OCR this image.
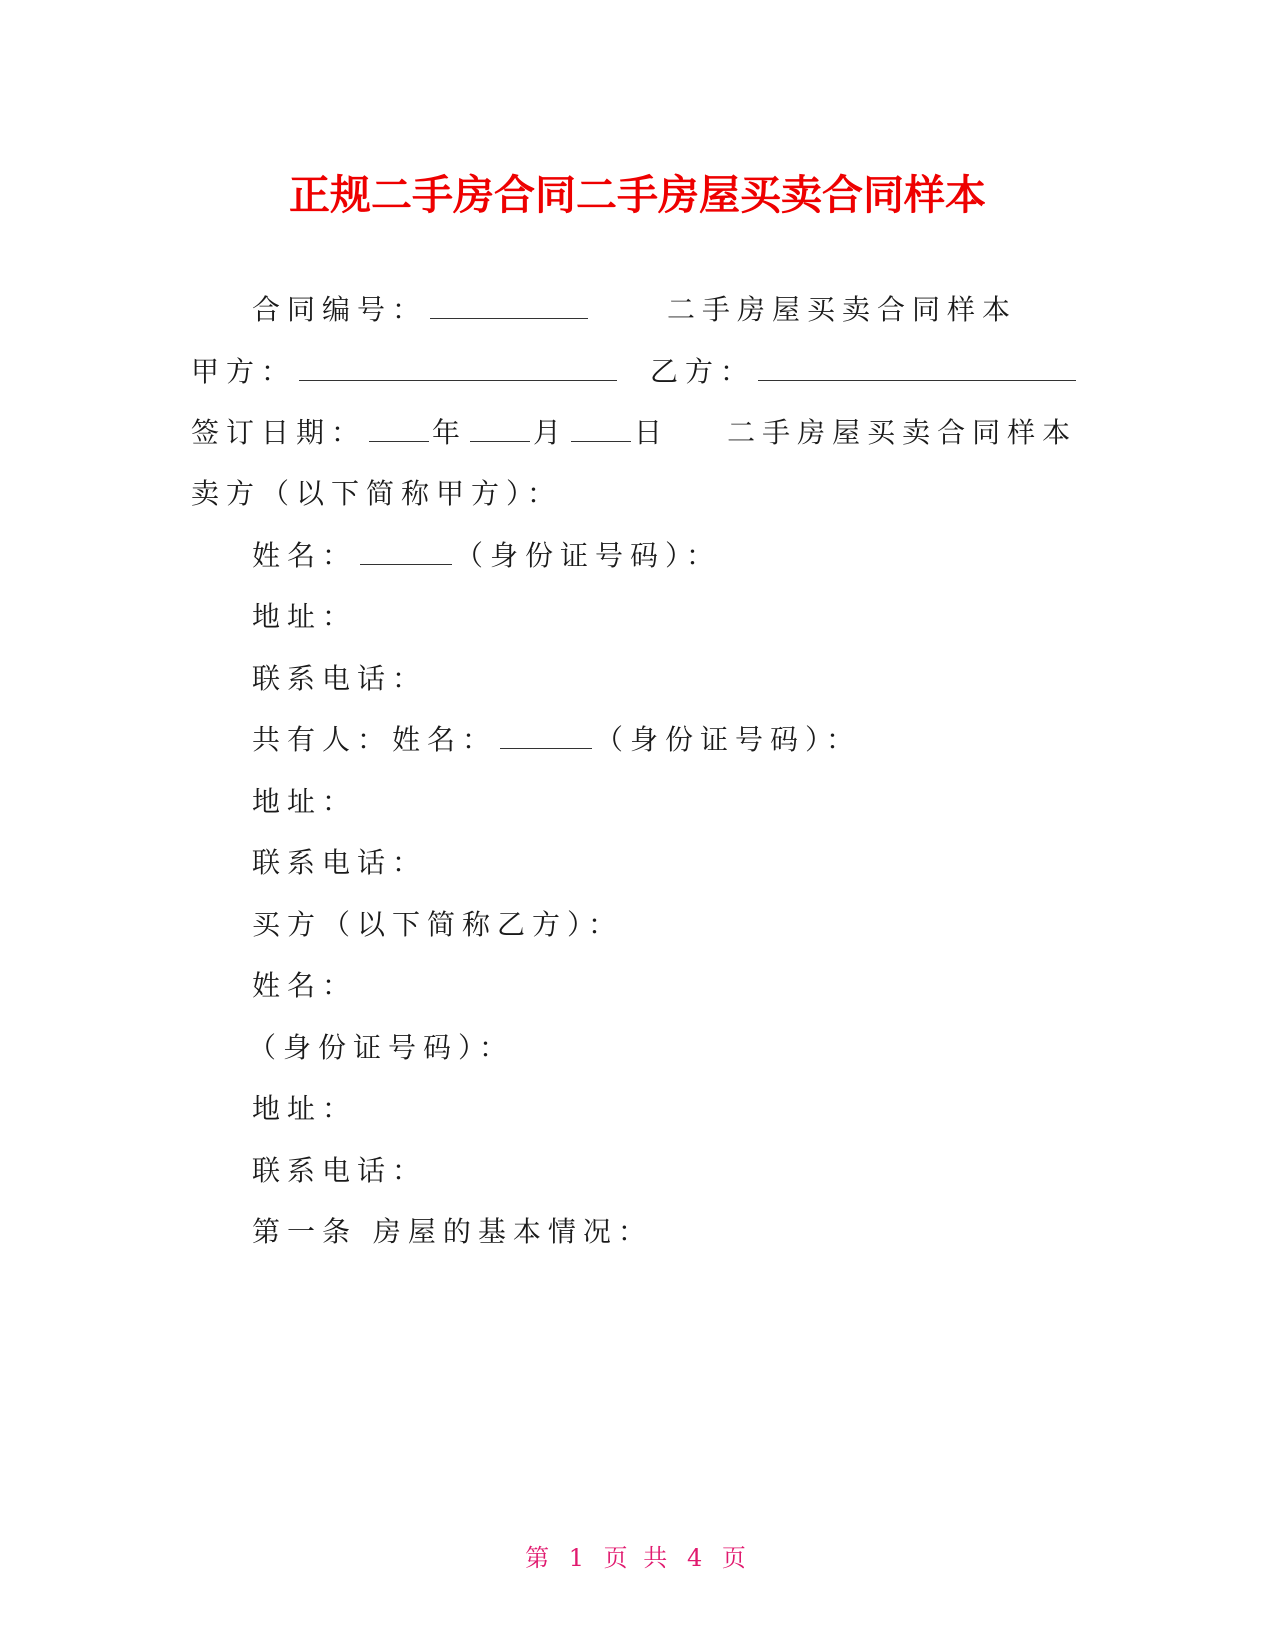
正规二手房合同二手房屋买卖合同样本
合同编号：	二手房屋买卖合同样本
甲方：	乙方：
签订日期： 年 月 日 二手房屋买卖合同样本
卖方（以下简称甲方）：
姓名：	（身份证号码）：
地址：
联系电话：
共有人：姓名：	（身份证号码）：
地址：
联系电话：
买方（以下简称乙方）：
姓名：
（身份证号码）：
地址：
联系电话：
第一条 房屋的基本情况：
第 1 页 共 4 页
